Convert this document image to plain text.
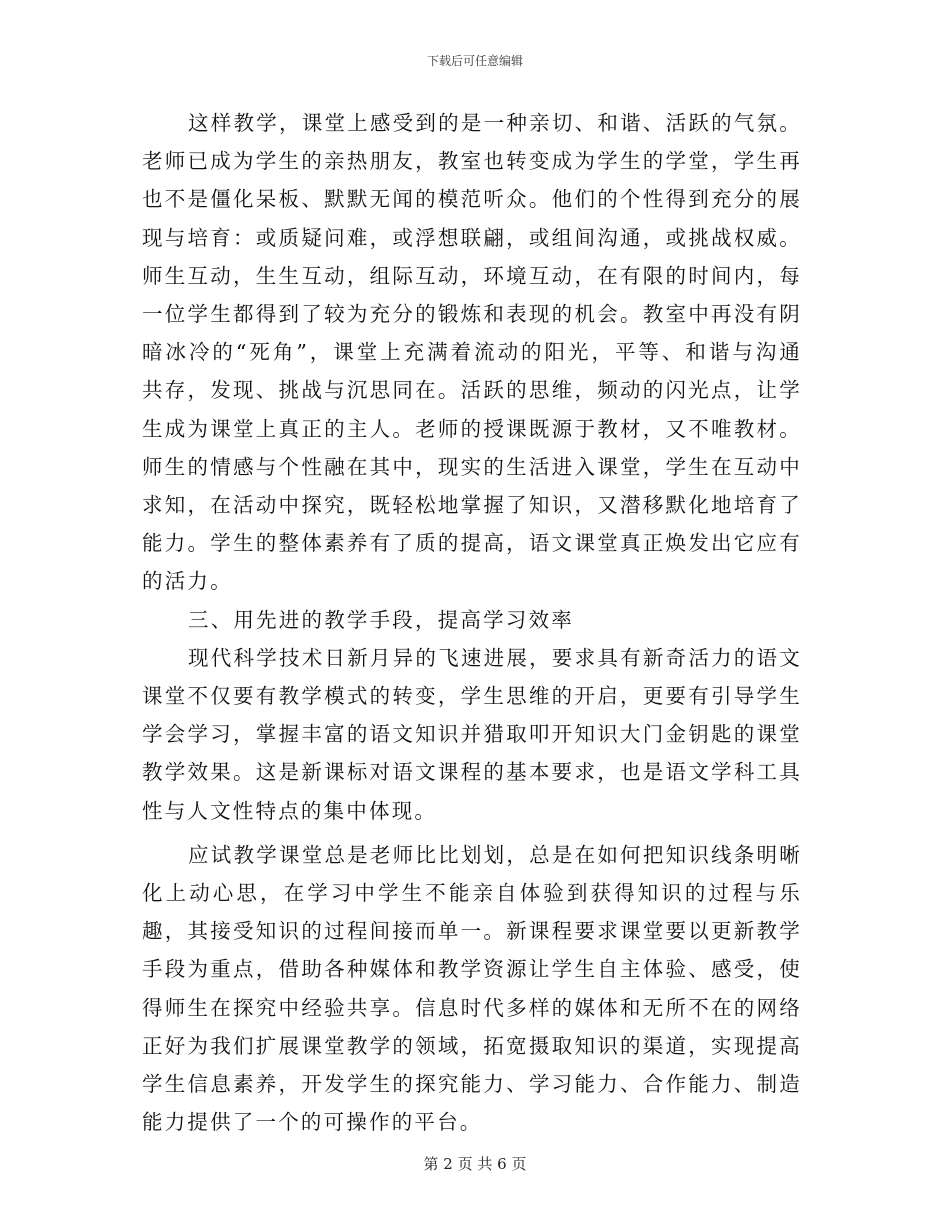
下载后可任意编辑

这样教学，课堂上感受到的是一种亲切、和谐、活跃的气氛。老师已成为学生的亲热朋友，教室也转变成为学生的学堂，学生再也不是僵化呆板、默默无闻的模范听众。他们的个性得到充分的展现与培育：或质疑问难，或浮想联翩，或组间沟通，或挑战权威。师生互动，生生互动，组际互动，环境互动，在有限的时间内，每一位学生都得到了较为充分的锻炼和表现的机会。教室中再没有阴暗冰冷的“死角”，课堂上充满着流动的阳光，平等、和谐与沟通共存，发现、挑战与沉思同在。活跃的思维，频动的闪光点，让学生成为课堂上真正的主人。老师的授课既源于教材，又不唯教材。师生的情感与个性融在其中，现实的生活进入课堂，学生在互动中求知，在活动中探究，既轻松地掌握了知识，又潜移默化地培育了能力。学生的整体素养有了质的提高，语文课堂真正焕发出它应有的活力。

三、用先进的教学手段，提高学习效率

现代科学技术日新月异的飞速进展，要求具有新奇活力的语文课堂不仅要有教学模式的转变，学生思维的开启，更要有引导学生学会学习，掌握丰富的语文知识并猎取叩开知识大门金钥匙的课堂教学效果。这是新课标对语文课程的基本要求，也是语文学科工具性与人文性特点的集中体现。

应试教学课堂总是老师比比划划，总是在如何把知识线条明晰化上动心思，在学习中学生不能亲自体验到获得知识的过程与乐趣，其接受知识的过程间接而单一。新课程要求课堂要以更新教学手段为重点，借助各种媒体和教学资源让学生自主体验、感受，使得师生在探究中经验共享。信息时代多样的媒体和无所不在的网络正好为我们扩展课堂教学的领域，拓宽摄取知识的渠道，实现提高学生信息素养，开发学生的探究能力、学习能力、合作能力、制造能力提供了一个的可操作的平台。

第 2 页 共 6 页
